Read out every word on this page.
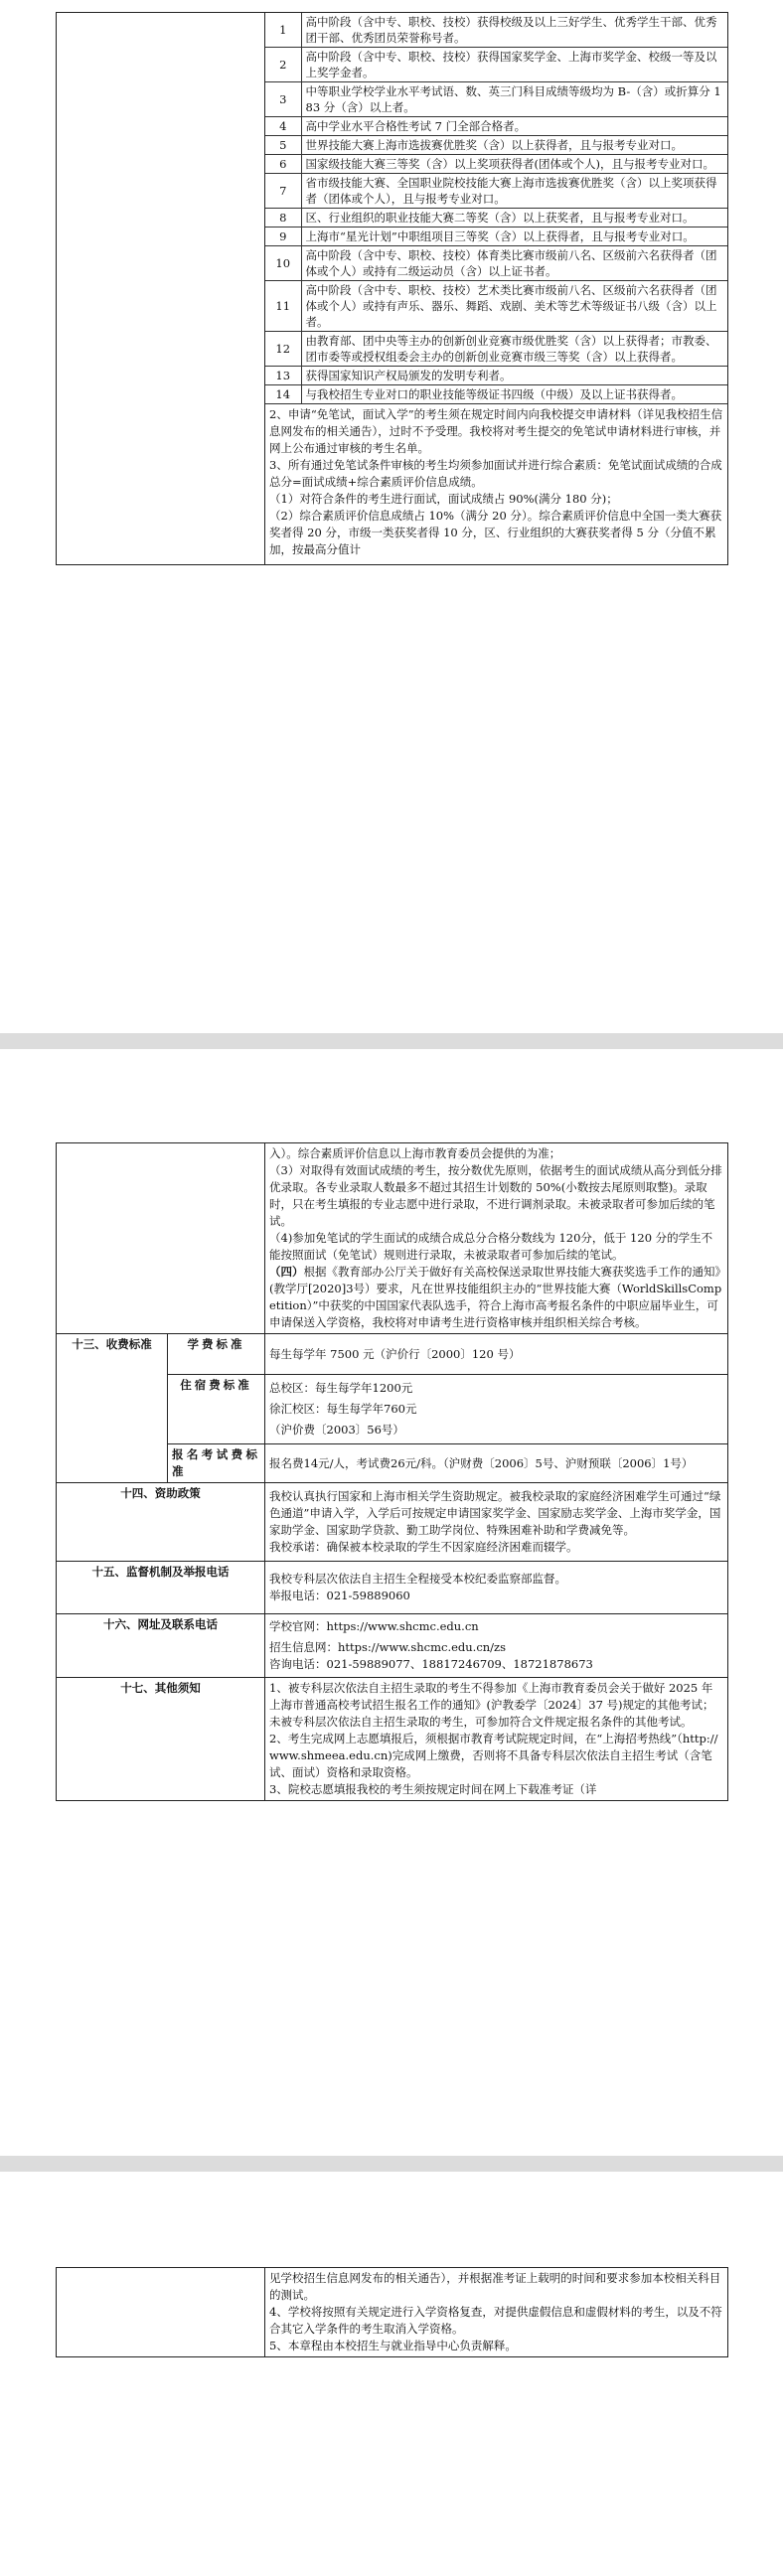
1	高中阶段（含中专、职校、技校）获得校级及以上三好学生、优秀学生干部、优秀团干部、优秀团员荣誉称号者。
2	高中阶段（含中专、职校、技校）获得国家奖学金、上海市奖学金、校级一等及以上奖学金者。
3	中等职业学校学业水平考试语、数、英三门科目成绩等级均为 B-（含）或折算分 183 分（含）以上者。
4	高中学业水平合格性考试 7 门全部合格者。
5	世界技能大赛上海市选拔赛优胜奖（含）以上获得者，且与报考专业对口。
6	国家级技能大赛三等奖（含）以上奖项获得者(团体或个人)，且与报考专业对口。
7	省市级技能大赛、全国职业院校技能大赛上海市选拔赛优胜奖（含）以上奖项获得者（团体或个人），且与报考专业对口。
8	区、行业组织的职业技能大赛二等奖（含）以上获奖者，且与报考专业对口。
9	上海市“星光计划”中职组项目三等奖（含）以上获得者，且与报考专业对口。
10	高中阶段（含中专、职校、技校）体育类比赛市级前八名、区级前六名获得者（团体或个人）或持有二级运动员（含）以上证书者。
11	高中阶段（含中专、职校、技校）艺术类比赛市级前八名、区级前六名获得者（团体或个人）或持有声乐、器乐、舞蹈、戏剧、美术等艺术等级证书八级（含）以上者。
12	由教育部、团中央等主办的创新创业竞赛市级优胜奖（含）以上获得者；市教委、团市委等或授权组委会主办的创新创业竞赛市级三等奖（含）以上获得者。
13	获得国家知识产权局颁发的发明专利者。
14	与我校招生专业对口的职业技能等级证书四级（中级）及以上证书获得者。

2、申请“免笔试，面试入学”的考生须在规定时间内向我校提交申请材料（详见我校招生信息网发布的相关通告），过时不予受理。我校将对考生提交的免笔试申请材料进行审核，并网上公布通过审核的考生名单。

3、所有通过免笔试条件审核的考生均须参加面试并进行综合素质：免笔试面试成绩的合成总分=面试成绩+综合素质评价信息成绩。

（1）对符合条件的考生进行面试，面试成绩占 90%(满分 180 分)；

（2）综合素质评价信息成绩占 10%（满分 20 分）。综合素质评价信息中全国一类大赛获奖者得 20 分，市级一类获奖者得 10 分，区、行业组织的大赛获奖者得 5 分（分值不累加，按最高分值计

		入）。综合素质评价信息以上海市教育委员会提供的为准；

（3）对取得有效面试成绩的考生，按分数优先原则，依据考生的面试成绩从高分到低分排优录取。各专业录取人数最多不超过其招生计划数的 50%(小数按去尾原则取整)。录取时，只在考生填报的专业志愿中进行录取，不进行调剂录取。未被录取者可参加后续的笔试。

（4)参加免笔试的学生面试的成绩合成总分合格分数线为 120分，低于 120 分的学生不能按照面试（免笔试）规则进行录取，未被录取者可参加后续的笔试。

（四）根据《教育部办公厅关于做好有关高校保送录取世界技能大赛获奖选手工作的通知》(教学厅[2020]3号）要求，凡在世界技能组织主办的“世界技能大赛（WorldSkillsCompetition）”中获奖的中国国家代表队选手，符合上海市高考报名条件的中职应届毕业生，可申请保送入学资格，我校将对申请考生进行资格审核并组织相关综合考核。

十三、收费标准	学费标准	每生每学年 7500 元（沪价行〔2000〕120 号）
	住宿费标准	总校区：每生每学年1200元

徐汇校区：每生每学年760元

（沪价费〔2003〕56号）

	报名考试费标准	报名费14元/人，考试费26元/科。（沪财费〔2006〕5号、沪财预联〔2006〕1号）
十四、资助政策		我校认真执行国家和上海市相关学生资助规定。被我校录取的家庭经济困难学生可通过“绿色通道”申请入学，入学后可按规定申请国家奖学金、国家励志奖学金、上海市奖学金，国家助学金、国家助学贷款、勤工助学岗位、特殊困难补助和学费减免等。

我校承诺：确保被本校录取的学生不因家庭经济困难而辍学。

十五、监督机制及举报电话		我校专科层次依法自主招生全程接受本校纪委监察部监督。

举报电话：021-59889060

十六、网址及联系电话		学校官网：https://www.shcmc.edu.cn

招生信息网：https://www.shcmc.edu.cn/zs

咨询电话：021-59889077、18817246709、18721878673

十七、其他须知		1、被专科层次依法自主招生录取的考生不得参加《上海市教育委员会关于做好 2025 年上海市普通高校考试招生报名工作的通知》(沪教委学〔2024〕37 号)规定的其他考试；未被专科层次依法自主招生录取的考生，可参加符合文件规定报名条件的其他考试。

2、考生完成网上志愿填报后，须根据市教育考试院规定时间，在“上海招考热线”（http://www.shmeea.edu.cn)完成网上缴费，否则将不具备专科层次依法自主招生考试（含笔试、面试）资格和录取资格。

3、院校志愿填报我校的考生须按规定时间在网上下载准考证（详

见学校招生信息网发布的相关通告），并根据准考证上载明的时间和要求参加本校相关科目的测试。

4、学校将按照有关规定进行入学资格复查，对提供虚假信息和虚假材料的考生，以及不符合其它入学条件的考生取消入学资格。

5、本章程由本校招生与就业指导中心负责解释。
